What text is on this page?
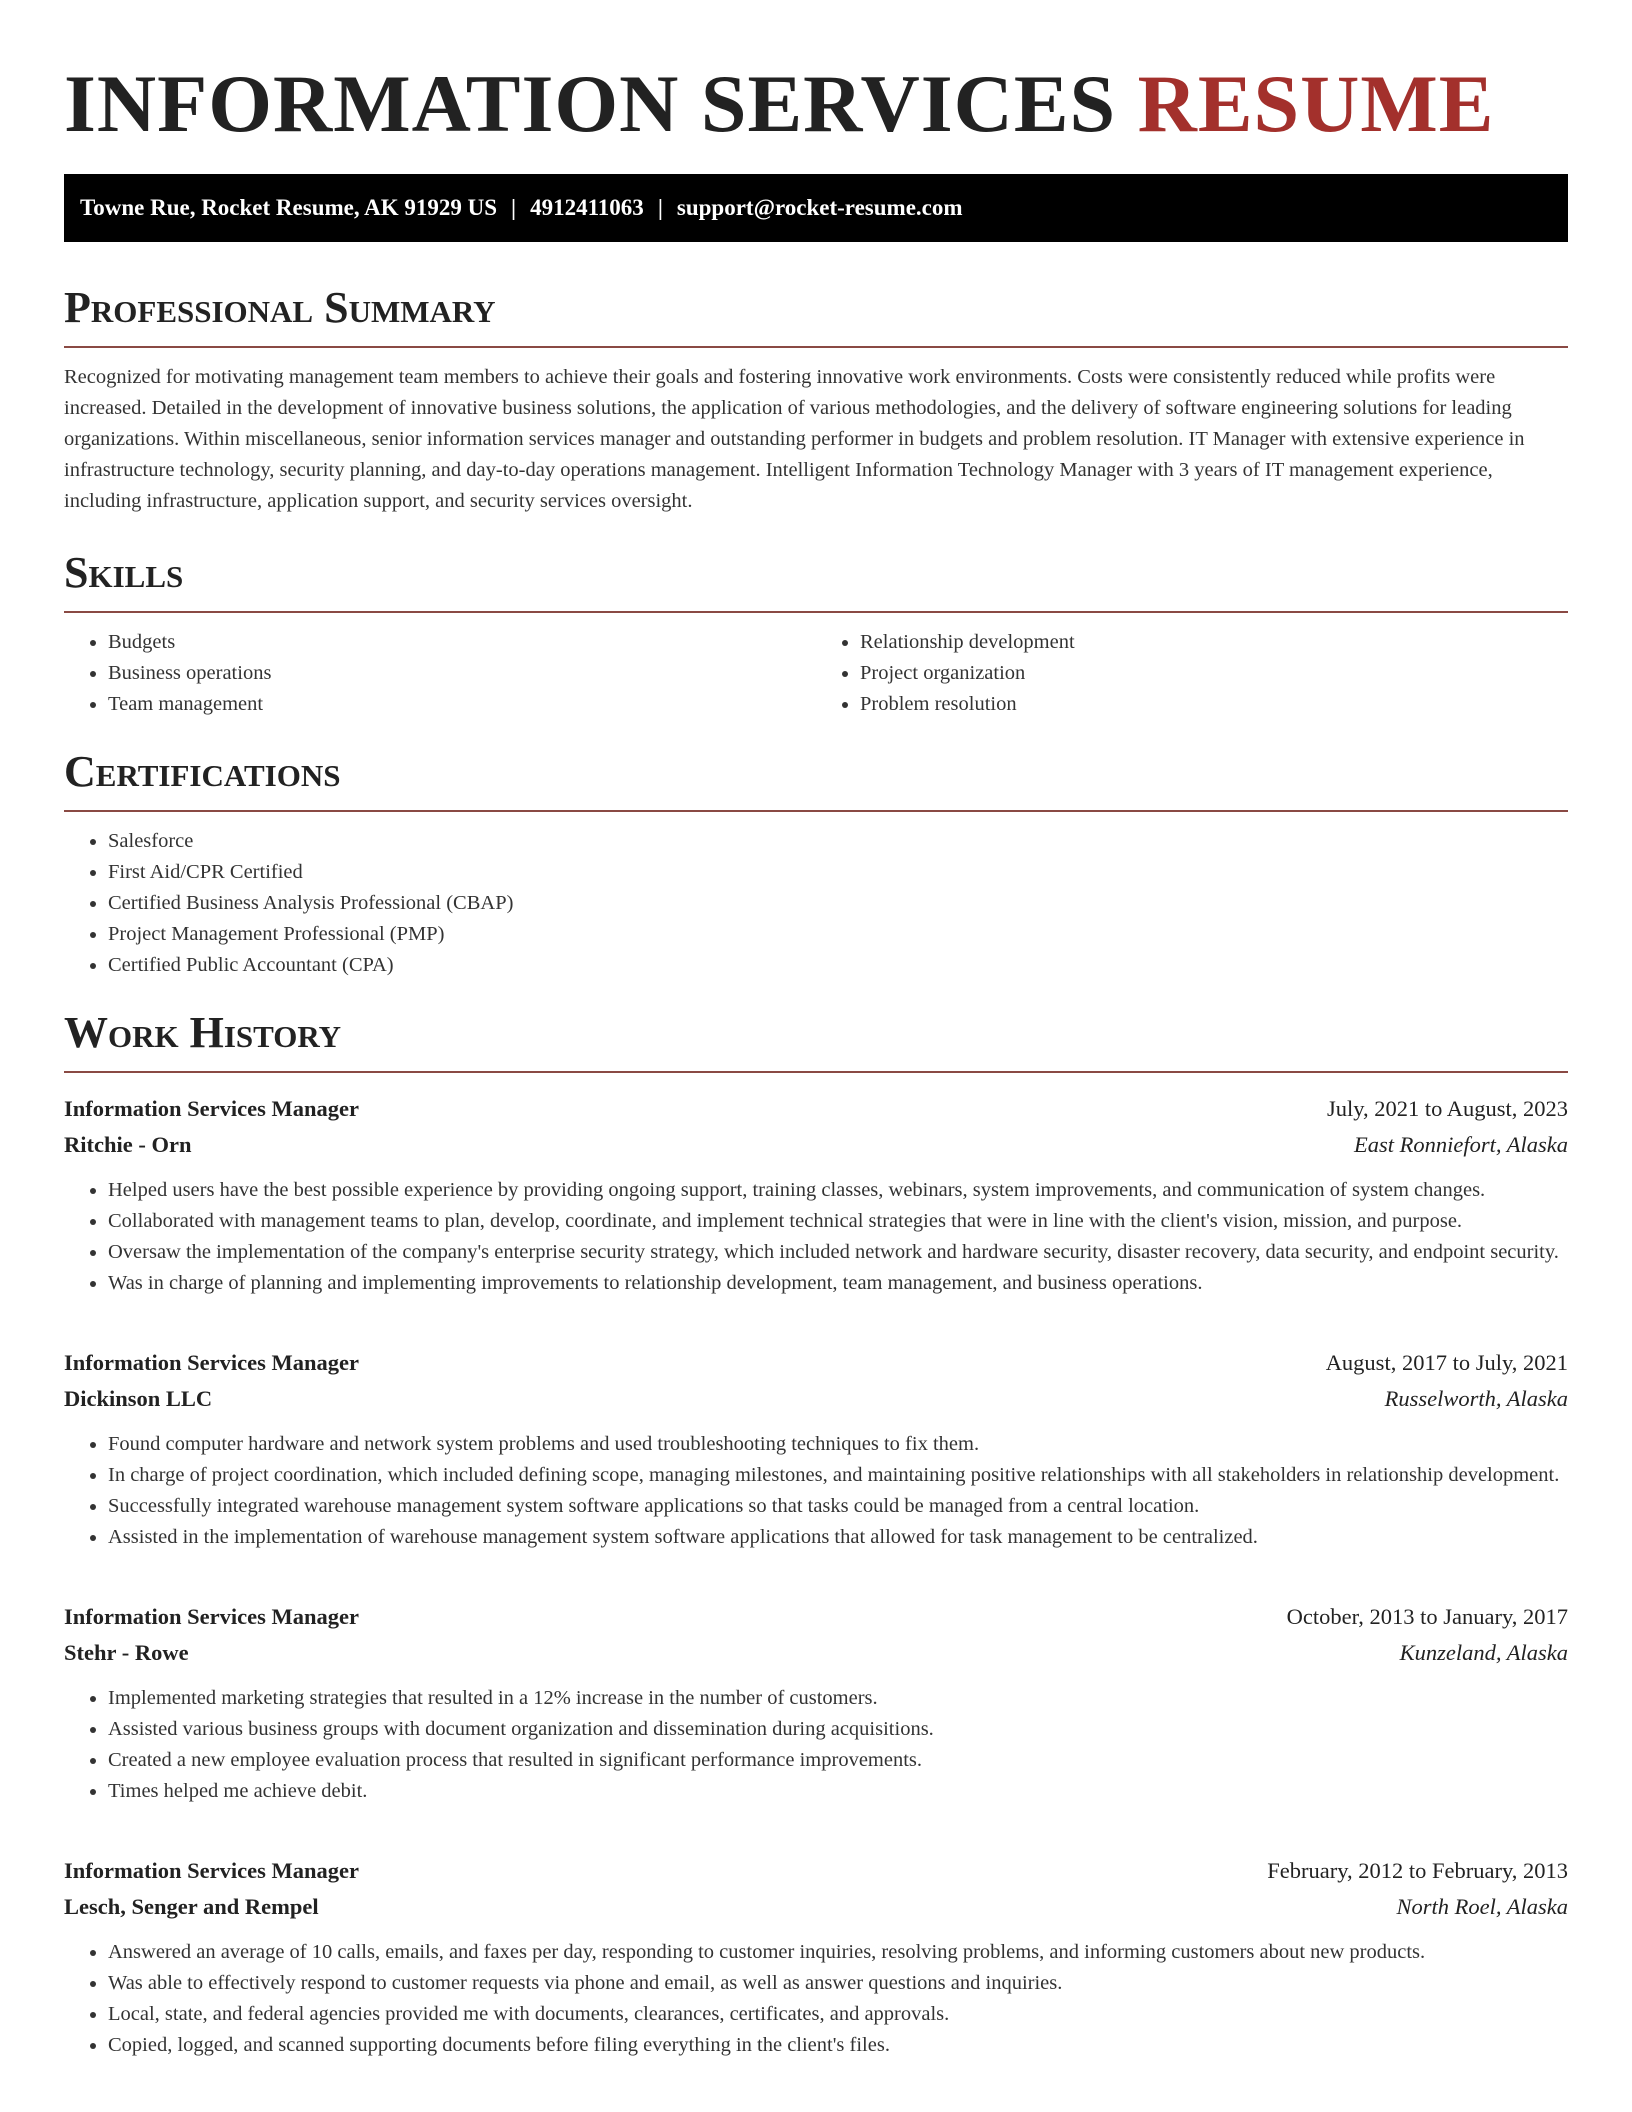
INFORMATION SERVICES RESUME
Towne Rue, Rocket Resume, AK 91929 US | 4912411063 | support@rocket-resume.com
Professional Summary

Recognized for motivating management team members to achieve their goals and fostering innovative work environments. Costs were consistently reduced while profits were increased. Detailed in the development of innovative business solutions, the application of various methodologies, and the delivery of software engineering solutions for leading organizations. Within miscellaneous, senior information services manager and outstanding performer in budgets and problem resolution. IT Manager with extensive experience in infrastructure technology, security planning, and day-to-day operations management. Intelligent Information Technology Manager with 3 years of IT management experience, including infrastructure, application support, and security services oversight.

Skills
• Budgets
• Business operations
• Team management
• Relationship development
• Project organization
• Problem resolution
Certifications
• Salesforce
• First Aid/CPR Certified
• Certified Business Analysis Professional (CBAP)
• Project Management Professional (PMP)
• Certified Public Accountant (CPA)
Work History
Information Services Manager	July, 2021 to August, 2023
Ritchie - Orn	East Ronniefort, Alaska
• Helped users have the best possible experience by providing ongoing support, training classes, webinars, system improvements, and communication of system changes.
• Collaborated with management teams to plan, develop, coordinate, and implement technical strategies that were in line with the client's vision, mission, and purpose.
• Oversaw the implementation of the company's enterprise security strategy, which included network and hardware security, disaster recovery, data security, and endpoint security.
• Was in charge of planning and implementing improvements to relationship development, team management, and business operations.
Information Services Manager	August, 2017 to July, 2021
Dickinson LLC	Russelworth, Alaska
• Found computer hardware and network system problems and used troubleshooting techniques to fix them.
• In charge of project coordination, which included defining scope, managing milestones, and maintaining positive relationships with all stakeholders in relationship development.
• Successfully integrated warehouse management system software applications so that tasks could be managed from a central location.
• Assisted in the implementation of warehouse management system software applications that allowed for task management to be centralized.
Information Services Manager	October, 2013 to January, 2017
Stehr - Rowe	Kunzeland, Alaska
• Implemented marketing strategies that resulted in a 12% increase in the number of customers.
• Assisted various business groups with document organization and dissemination during acquisitions.
• Created a new employee evaluation process that resulted in significant performance improvements.
• Times helped me achieve debit.
Information Services Manager	February, 2012 to February, 2013
Lesch, Senger and Rempel	North Roel, Alaska
• Answered an average of 10 calls, emails, and faxes per day, responding to customer inquiries, resolving problems, and informing customers about new products.
• Was able to effectively respond to customer requests via phone and email, as well as answer questions and inquiries.
• Local, state, and federal agencies provided me with documents, clearances, certificates, and approvals.
• Copied, logged, and scanned supporting documents before filing everything in the client's files.
